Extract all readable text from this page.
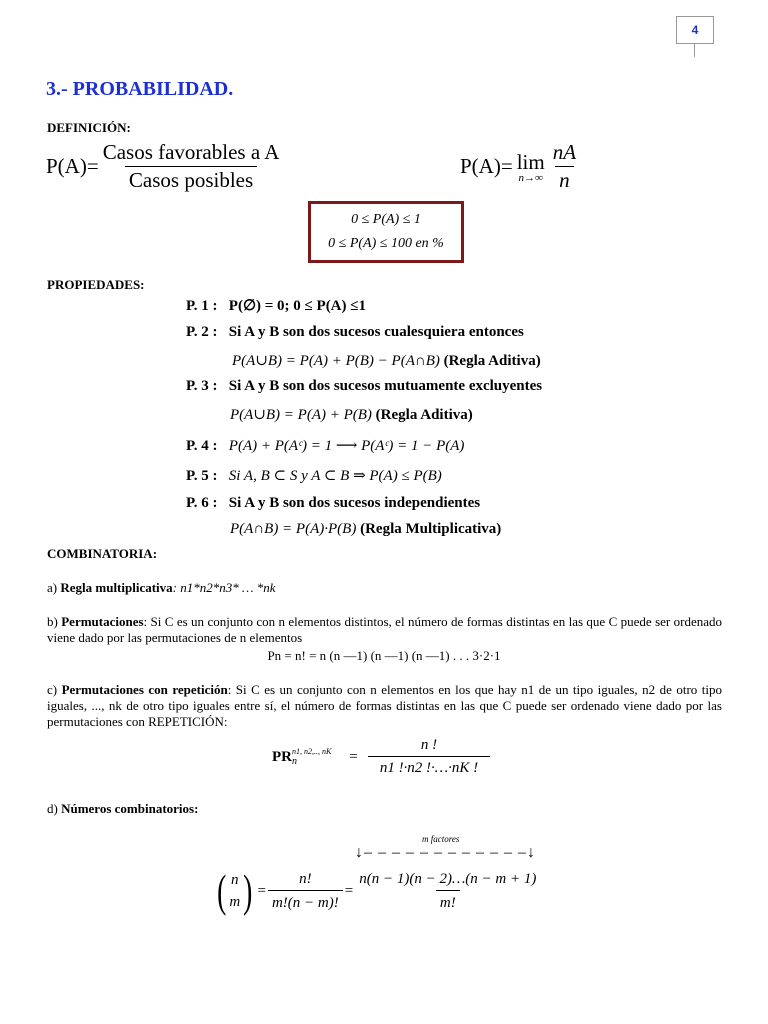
4
3.- PROBABILIDAD.
DEFINICIÓN:
$P(A)= \frac{\text{Casos favorables a A}}{\text{Casos posibles}}$	P(A)= lim
$n\to\infty \frac{nA}{n}$
0 ≤ P(A) ≤ 1
0 ≤ P(A) ≤ 100 en %
PROPIEDADES:
P. 1 : P(∅) = 0; 0 ≤ P(A) ≤1
P. 2 : Si A y B son dos sucesos cualesquiera entonces
P(A∪B) = P(A) + P(B) − P(A∩B) (Regla Aditiva)
P. 3 : Si A y B son dos sucesos mutuamente excluyentes
P(A∪B) = P(A) + P(B) (Regla Aditiva)
P. 4 : P(A) + P(Aᶜ) = 1 ⟶ P(Aᶜ) = 1 − P(A)
P. 5 : Si A, B ⊂ S y A ⊂ B ⇒ P(A) ≤ P(B)
P. 6 : Si A y B son dos sucesos independientes
P(A∩B) = P(A)·P(B) (Regla Multiplicativa)
COMBINATORIA:
a) Regla multiplicativa: n1*n2*n3* … *nk
b) Permutaciones: Si C es un conjunto con n elementos distintos, el número de formas distintas en las que C puede ser ordenado viene dado por las permutaciones de n elementos
Pn = n! = n (n —1) (n —1) (n —1) . . . 3·2·1
c) Permutaciones con repetición: Si C es un conjunto con n elementos en los que hay n1 de un tipo iguales, n2 de otro tipo iguales, ..., nk de otro tipo iguales entre sí, el número de formas distintas en las que C puede ser ordenado viene dado por las permutaciones con REPETICIÓN:
PR n1, n2,.., nK
n	= $\frac{n !}{n1 !\cdot n2 !\cdot\dots\cdot nK !}$
d) Números combinatorios:
m factores
↓– – – – – – – – – – – –↓
( n
m ) = $\frac{n!}{m!(n - m)!} = \frac{n(n - 1)(n - 2)\dots(n - m + 1)}{m!}$
